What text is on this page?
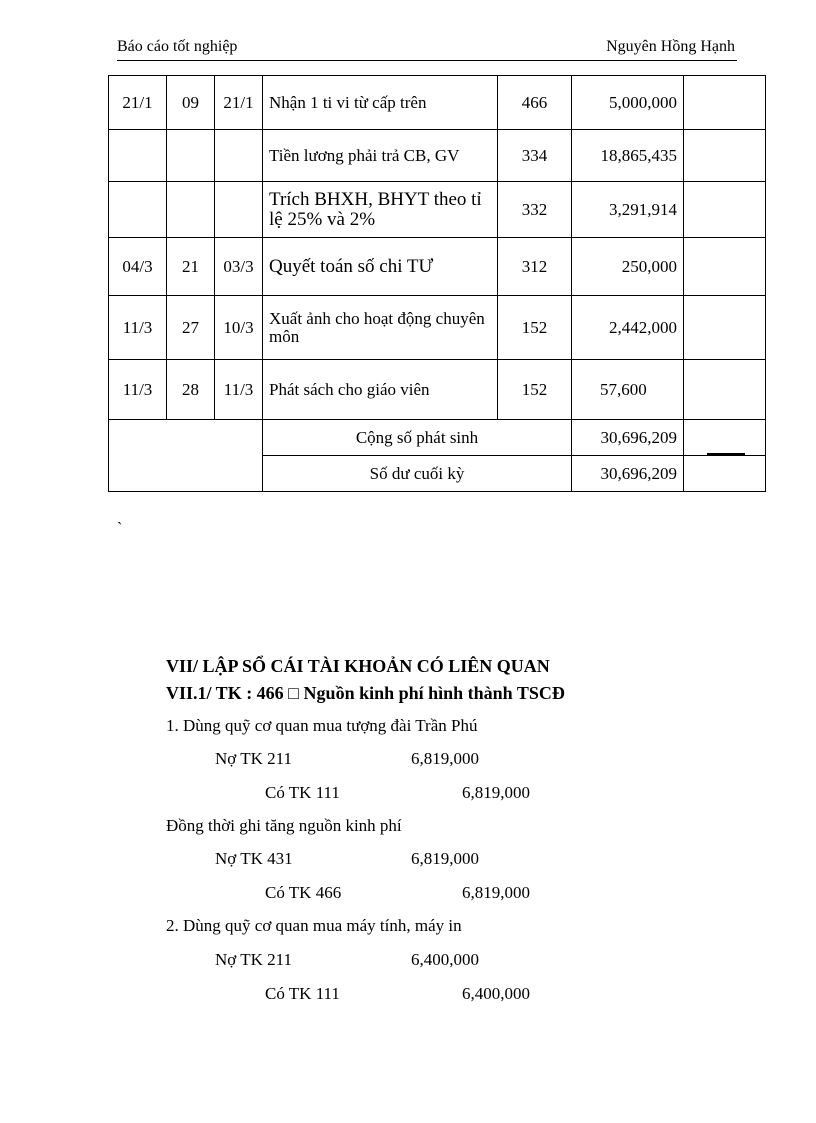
Báo cáo tốt nghiệp	Nguyên Hồng Hạnh
21/1	09	21/1	Nhận 1 ti vi từ cấp trên	466	5,000,000	
			Tiền lương phải trả CB, GV	334	18,865,435	
			Trích BHXH, BHYT theo tỉ lệ 25% và 2%	332	3,291,914	
04/3	21	03/3	Quyết toán số chi TƯ	312	250,000	
11/3	27	10/3	Xuất ảnh cho hoạt động chuyên môn	152	2,442,000	
11/3	28	11/3	Phát sách cho giáo viên	152	57,600	
			Cộng số phát sinh		30,696,209	

			Số dư cuối kỳ		30,696,209	
`
VII/ LẬP SỔ CÁI TÀI KHOẢN CÓ LIÊN QUAN
VII.1/ TK : 466 □ Nguồn kinh phí hình thành TSCĐ
1. Dùng quỹ cơ quan mua tượng đài Trần Phú
Nợ TK 211	6,819,000
Có TK 111	6,819,000
Đồng thời ghi tăng nguồn kinh phí
Nợ TK 431	6,819,000
Có TK 466	6,819,000
2. Dùng quỹ cơ quan mua máy tính, máy in
Nợ TK 211	6,400,000
Có TK 111	6,400,000
